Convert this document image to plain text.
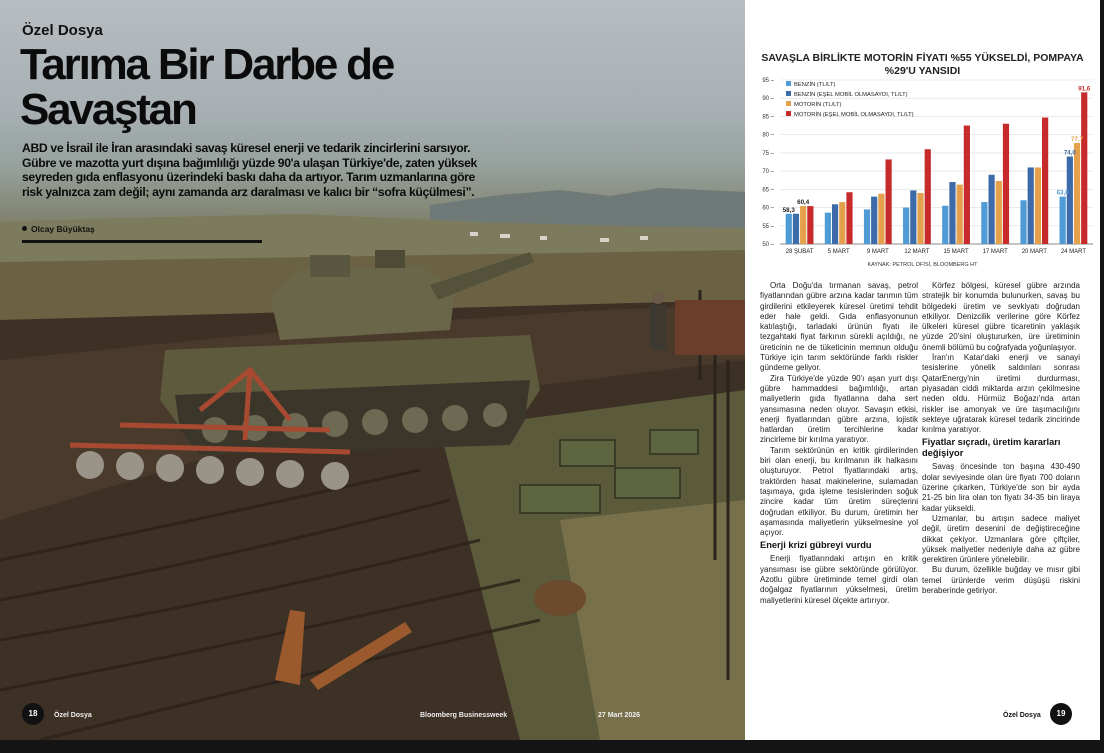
Özel Dosya
Tarıma Bir Darbe de Savaştan
ABD ve İsrail ile İran arasındaki savaş küresel enerji ve tedarik zincirlerini sarsıyor. Gübre ve mazotta yurt dışına bağımlılığı yüzde 90'a ulaşan Türkiye'de, zaten yüksek seyreden gıda enflasyonu üzerindeki baskı daha da artıyor. Tarım uzmanlarına göre risk yalnızca zam değil; aynı zamanda arz daralması ve kalıcı bir “sofra küçülmesi”.
Olcay Büyüktaş
18	Özel Dosya	Bloomberg Businessweek	27 Mart 2026
SAVAŞLA BİRLİKTE MOTORİN FİYATI %55 YÜKSELDİ, POMPAYA %29'U YANSIDI
50 –
55 –
60 –
65 –
70 –
75 –
80 –
85 –
90 –
95 –
28 ŞUBAT 5 MART	9 MART	12 MART 15 MART 17 MART 20 MART 24 MART
58,3
60,4
63,0
74,0
77,7
91,6
BENZİN (TL/LT)
BENZİN (EŞEL MOBİL OLMASAYDI, TL/LT)
MOTORİN (TL/LT)
MOTORİN (EŞEL MOBİL OLMASAYDI, TL/LT)
KAYNAK: PETROL OFİSİ, BLOOMBERG HT

Orta Doğu'da tırmanan savaş, petrol fiyatlarından gübre arzına kadar tarımın tüm girdilerini etkileyerek küresel üretimi tehdit eder hale geldi. Gıda enflasyonunun katılaştığı, tarladaki ürünün fiyatı ile tezgahtaki fiyat farkının sürekli açıldığı, ne üreticinin ne de tüketicinin memnun olduğu Türkiye için tarım sektöründe farklı riskler gündeme geliyor.

Zira Türkiye'de yüzde 90'ı aşan yurt dışı gübre hammaddesi bağımlılığı, artan maliyetlerin gıda fiyatlarına daha sert yansımasına neden oluyor. Savaşın etkisi, enerji fiyatlarından gübre arzına, lojistik hatlardan üretim tercihlerine kadar zincirleme bir kırılma yaratıyor.

Tarım sektörünün en kritik girdilerinden biri olan enerji, bu kırılmanın ilk halkasını oluşturuyor. Petrol fiyatlarındaki artış, traktörden hasat makinelerine, sulamadan taşımaya, gıda işleme tesislerinden soğuk zincire kadar tüm üretim süreçlerini doğrudan etkiliyor. Bu durum, üretimin her aşamasında maliyetlerin yükselmesine yol açıyor.

Enerji krizi gübreyi vurdu

Enerji fiyatlarındaki artışın en kritik yansıması ise gübre sektöründe görülüyor. Azotlu gübre üretiminde temel girdi olan doğalgaz fiyatlarının yükselmesi, üretim maliyetlerini küresel ölçekte artırıyor.

Körfez bölgesi, küresel gübre arzında stratejik bir konumda bulunurken, savaş bu bölgedeki üretim ve sevkiyatı doğrudan etkiliyor. Denizcilik verilerine göre Körfez ülkeleri küresel gübre ticaretinin yaklaşık yüzde 20'sini oluştururken, üre üretiminin önemli bölümü bu coğrafyada yoğunlaşıyor.

İran'ın Katar'daki enerji ve sanayi tesislerine yönelik saldırıları sonrası QatarEnergy'nin üretimi durdurması, piyasadan ciddi miktarda arzın çekilmesine neden oldu. Hürmüz Boğazı'nda artan riskler ise amonyak ve üre taşımacılığını sekteye uğratarak küresel tedarik zincirinde kırılma yaratıyor.

Fiyatlar sıçradı, üretim kararları değişiyor

Savaş öncesinde ton başına 430-490 dolar seviyesinde olan üre fiyatı 700 doların üzerine çıkarken, Türkiye'de son bir ayda 21-25 bin lira olan ton fiyatı 34-35 bin liraya kadar yükseldi.

Uzmanlar, bu artışın sadece maliyet değil, üretim desenini de değiştireceğine dikkat çekiyor. Uzmanlara göre çiftçiler, yüksek maliyetler nedeniyle daha az gübre gerektiren ürünlere yönelebilir.

Bu durum, özellikle buğday ve mısır gibi temel ürünlerde verim düşüşü riskini beraberinde getiriyor.

Özel Dosya	19
